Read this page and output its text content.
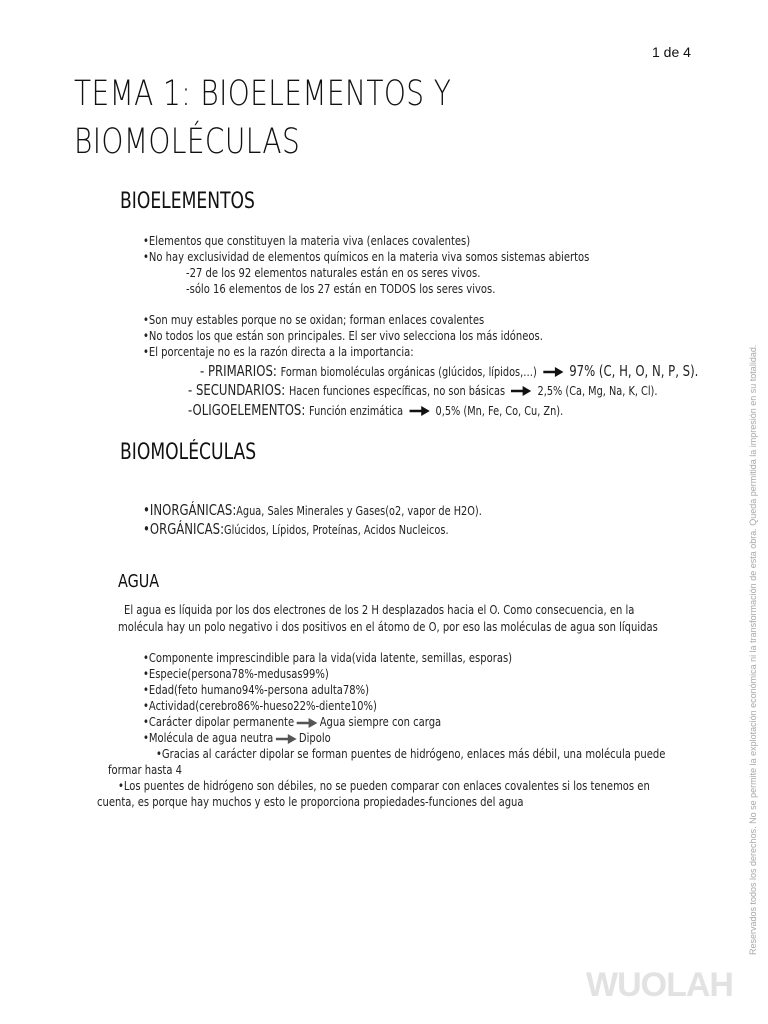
1 de 4
TEMA 1: BIOELEMENTOS Y
BIOMOLÉCULAS
BIOELEMENTOS
•Elementos que constituyen la materia viva (enlaces covalentes)
•No hay exclusividad de elementos químicos en la materia viva somos sistemas abiertos
-27 de los 92 elementos naturales están en os seres vivos.
-sólo 16 elementos de los 27 están en TODOS los seres vivos.
•Son muy estables porque no se oxidan; forman enlaces covalentes
•No todos los que están son principales. El ser vivo selecciona los más idóneos.
•El porcentaje no es la razón directa a la importancia:
- PRIMARIOS: Forman biomoléculas orgánicas (glúcidos, lípidos,…) 97% (C, H, O, N, P, S).
- SECUNDARIOS: Hacen funciones específicas, no son básicas	2,5% (Ca, Mg, Na, K, Cl).
-OLIGOELEMENTOS: Función enzimática	0,5% (Mn, Fe, Co, Cu, Zn).
BIOMOLÉCULAS
•INORGÁNICAS:Agua, Sales Minerales y Gases(o2, vapor de H2O).
•ORGÁNICAS:Glúcidos, Lípidos, Proteínas, Acidos Nucleicos.
AGUA
El agua es líquida por los dos electrones de los 2 H desplazados hacia el O. Como consecuencia, en la
molécula hay un polo negativo i dos positivos en el átomo de O, por eso las moléculas de agua son líquidas
•Componente imprescindible para la vida(vida latente, semillas, esporas)
•Especie(persona78%-medusas99%)
•Edad(feto humano94%-persona adulta78%)
•Actividad(cerebro86%-hueso22%-diente10%)
•Carácter dipolar permanente Agua siempre con carga
•Molécula de agua neutra Dipolo
•Gracias al carácter dipolar se forman puentes de hidrógeno, enlaces más débil, una molécula puede
formar hasta 4
•Los puentes de hidrógeno son débiles, no se pueden comparar con enlaces covalentes si los tenemos en
cuenta, es porque hay muchos y esto le proporciona propiedades-funciones del agua	Reservados todos los derechos. No se permite la explotación económica ni la transformación de esta obra. Queda permitida la impresión en su totalidad.
WUOLAH
